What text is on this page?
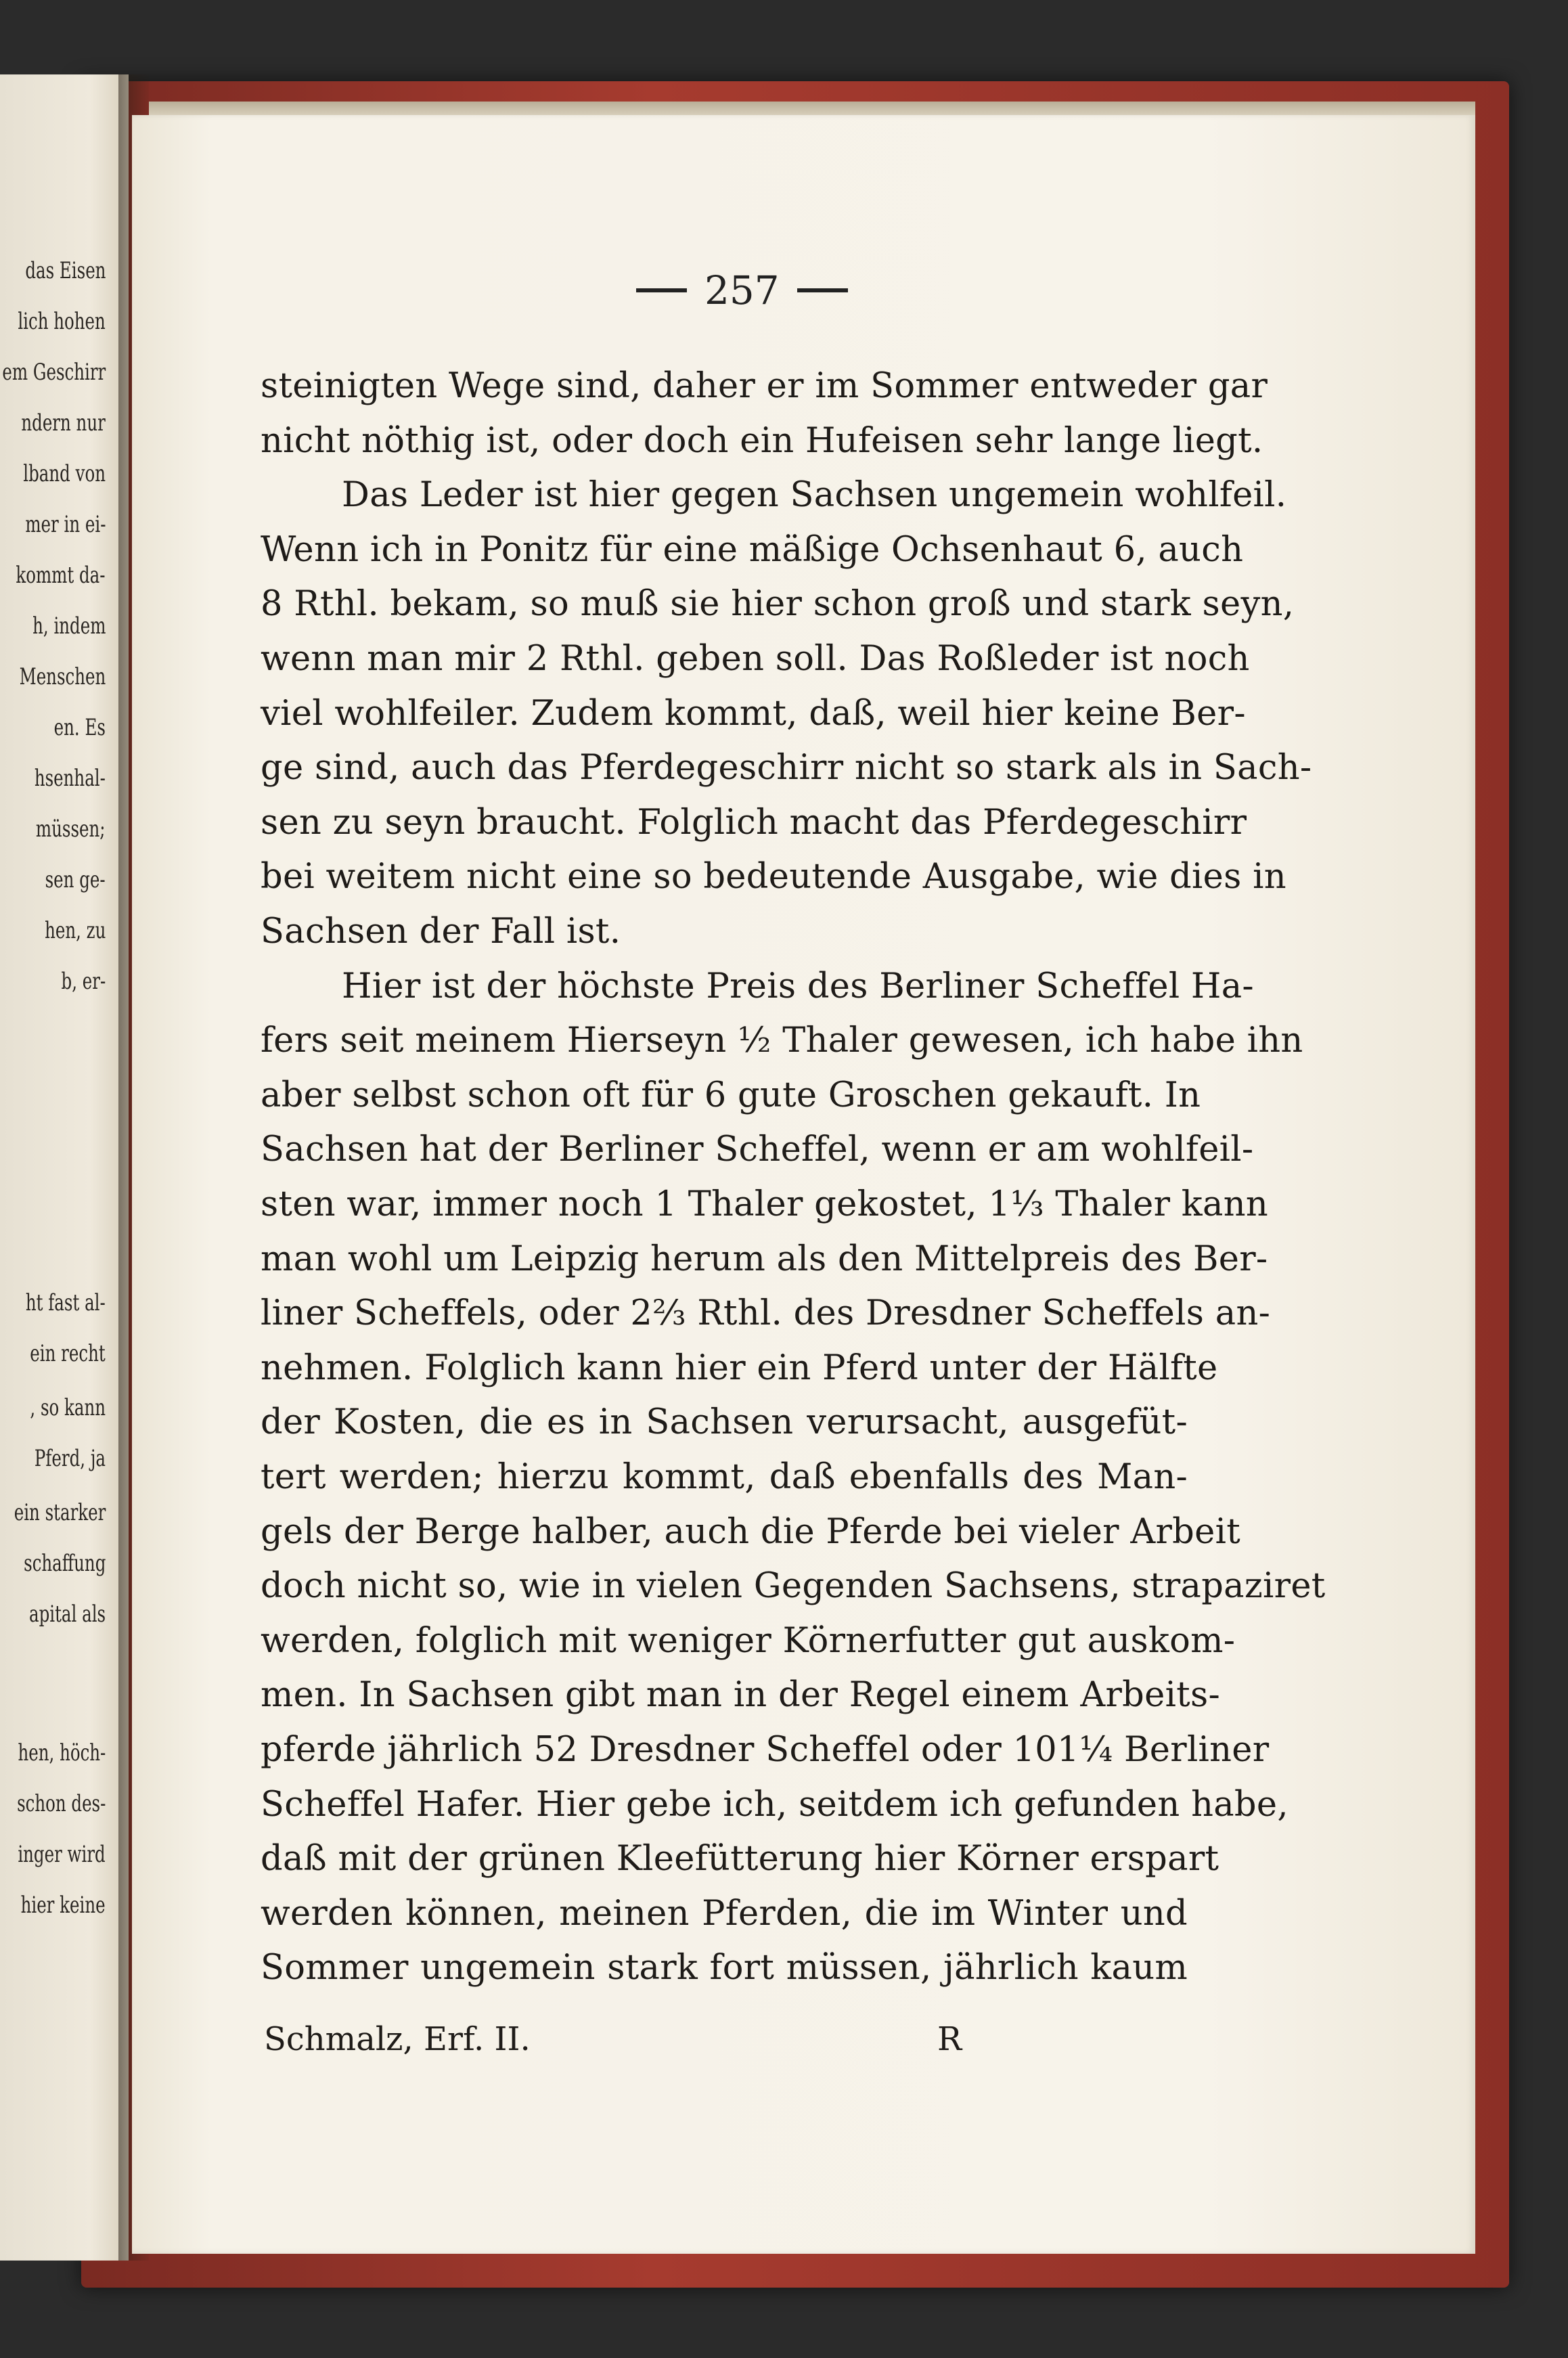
das Eisen
lich hohen
em Geschirr
ndern nur
lband von
mer in ei-
kommt da-
h, indem
Menschen
en. Es
hsenhal-
müssen;
sen ge-
hen, zu
b, er-
ht fast al-
ein recht
, so kann
Pferd, ja
ein starker
schaffung
apital als
hen, höch-
schon des-
inger wird
hier keine
257
steinigten Wege sind, daher er im Sommer entweder gar
nicht nöthig ist, oder doch ein Hufeisen sehr lange liegt.
Das Leder ist hier gegen Sachsen ungemein wohlfeil.
Wenn ich in Ponitz für eine mäßige Ochsenhaut 6, auch
8 Rthl. bekam, so muß sie hier schon groß und stark seyn,
wenn man mir 2 Rthl. geben soll. Das Roßleder ist noch
viel wohlfeiler. Zudem kommt, daß, weil hier keine Ber-
ge sind, auch das Pferdegeschirr nicht so stark als in Sach-
sen zu seyn braucht. Folglich macht das Pferdegeschirr
bei weitem nicht eine so bedeutende Ausgabe, wie dies in
Sachsen der Fall ist.
Hier ist der höchste Preis des Berliner Scheffel Ha-
fers seit meinem Hierseyn ½ Thaler gewesen, ich habe ihn
aber selbst schon oft für 6 gute Groschen gekauft. In
Sachsen hat der Berliner Scheffel, wenn er am wohlfeil-
sten war, immer noch 1 Thaler gekostet, 1⅓ Thaler kann
man wohl um Leipzig herum als den Mittelpreis des Ber-
liner Scheffels, oder 2⅔ Rthl. des Dresdner Scheffels an-
nehmen. Folglich kann hier ein Pferd unter der Hälfte
der Kosten, die es in Sachsen verursacht, ausgefüt-
tert werden; hierzu kommt, daß ebenfalls des Man-
gels der Berge halber, auch die Pferde bei vieler Arbeit
doch nicht so, wie in vielen Gegenden Sachsens, strapaziret
werden, folglich mit weniger Körnerfutter gut auskom-
men. In Sachsen gibt man in der Regel einem Arbeits-
pferde jährlich 52 Dresdner Scheffel oder 101¼ Berliner
Scheffel Hafer. Hier gebe ich, seitdem ich gefunden habe,
daß mit der grünen Kleefütterung hier Körner erspart
werden können, meinen Pferden, die im Winter und
Sommer ungemein stark fort müssen, jährlich kaum
Schmalz, Erf. II.	R
